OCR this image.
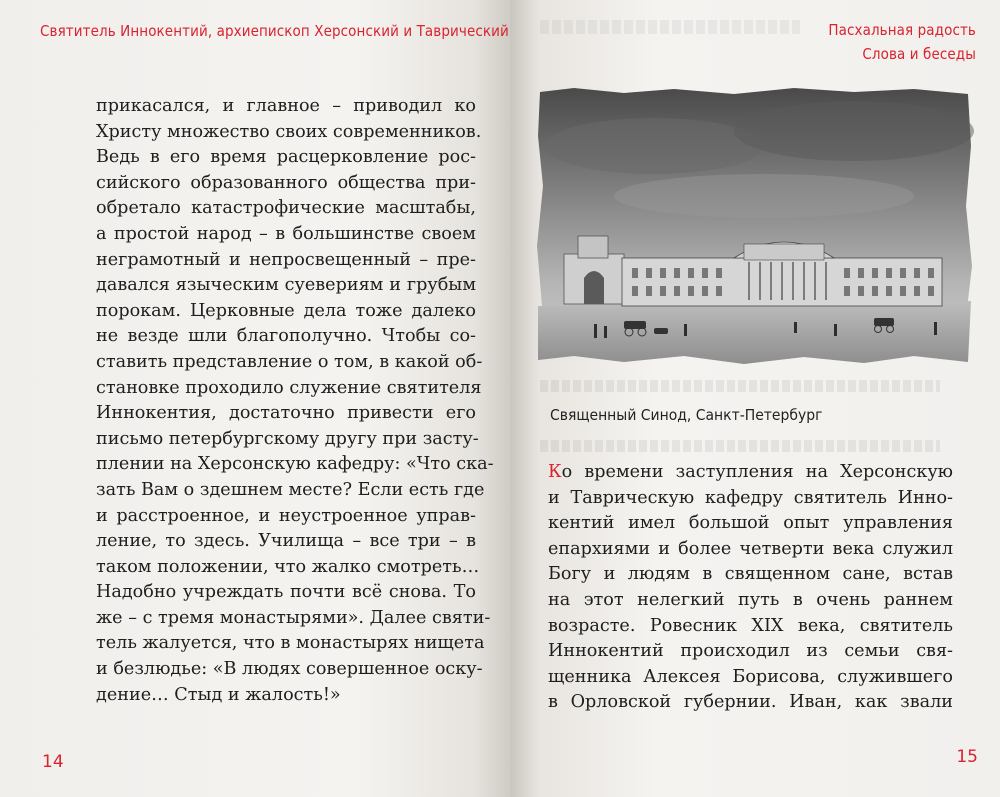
Святитель Иннокентий, архиепископ Херсонский и Таврический
прикасался, и главное – приводил ко
Христу множество своих современников.
Ведь в его время расцерковление рос-
сийского образованного общества при-
обретало катастрофические масштабы,
а простой народ – в большинстве своем
неграмотный и непросвещенный – пре-
давался языческим суевериям и грубым
порокам. Церковные дела тоже далеко
не везде шли благополучно. Чтобы со-
ставить представление о том, в какой об-
становке проходило служение святителя
Иннокентия, достаточно привести его
письмо петербургскому другу при засту-
плении на Херсонскую кафедру: «Что ска-
зать Вам о здешнем месте? Если есть где
и расстроенное, и неустроенное управ-
ление, то здесь. Училища – все три – в
таком положении, что жалко смотреть…
Надобно учреждать почти всё снова. То
же – с тремя монастырями». Далее святи-
тель жалуется, что в монастырях нищета
и безлюдье: «В людях совершенное оску-
дение… Стыд и жалость!»
14
Пасхальная радость
Слова и беседы
Священный Синод, Санкт-Петербург
Ко времени заступления на Херсонскую
и Таврическую кафедру святитель Инно-
кентий имел большой опыт управления
епархиями и более четверти века служил
Богу и людям в священном сане, встав
на этот нелегкий путь в очень раннем
возрасте. Ровесник XIX века, святитель
Иннокентий происходил из семьи свя-
щенника Алексея Борисова, служившего
в Орловской губернии. Иван, как звали
15
